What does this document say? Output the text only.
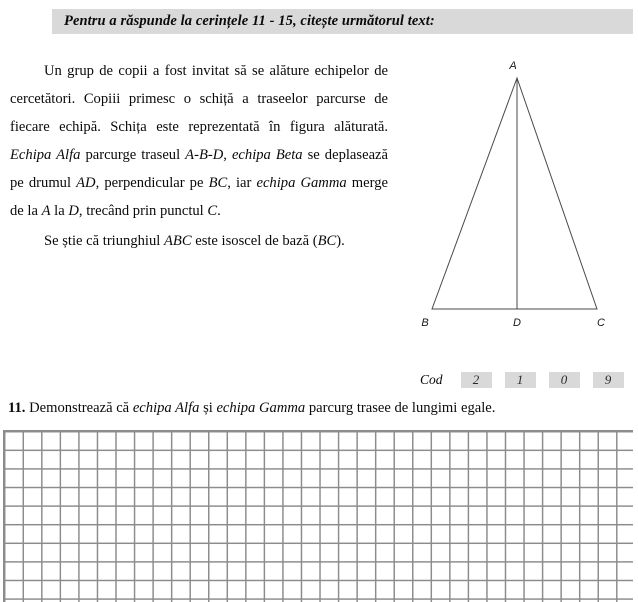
Pentru a răspunde la cerințele 11 - 15, citește următorul text:

Un grup de copii a fost invitat să se alăture echipelor de cercetători. Copiii primesc o schiță a traseelor parcurse de fiecare echipă. Schița este reprezentată în figura alăturată. Echipa Alfa parcurge traseul A-B-D, echipa Beta se deplasează pe drumul AD, perpendicular pe BC, iar echipa Gamma merge de la A la D, trecând prin punctul C.

Se știe că triunghiul ABC este isoscel de bază (BC).

A
B	D	C
Cod	2	1	0	9
11. Demonstrează că echipa Alfa și echipa Gamma parcurg trasee de lungimi egale.
